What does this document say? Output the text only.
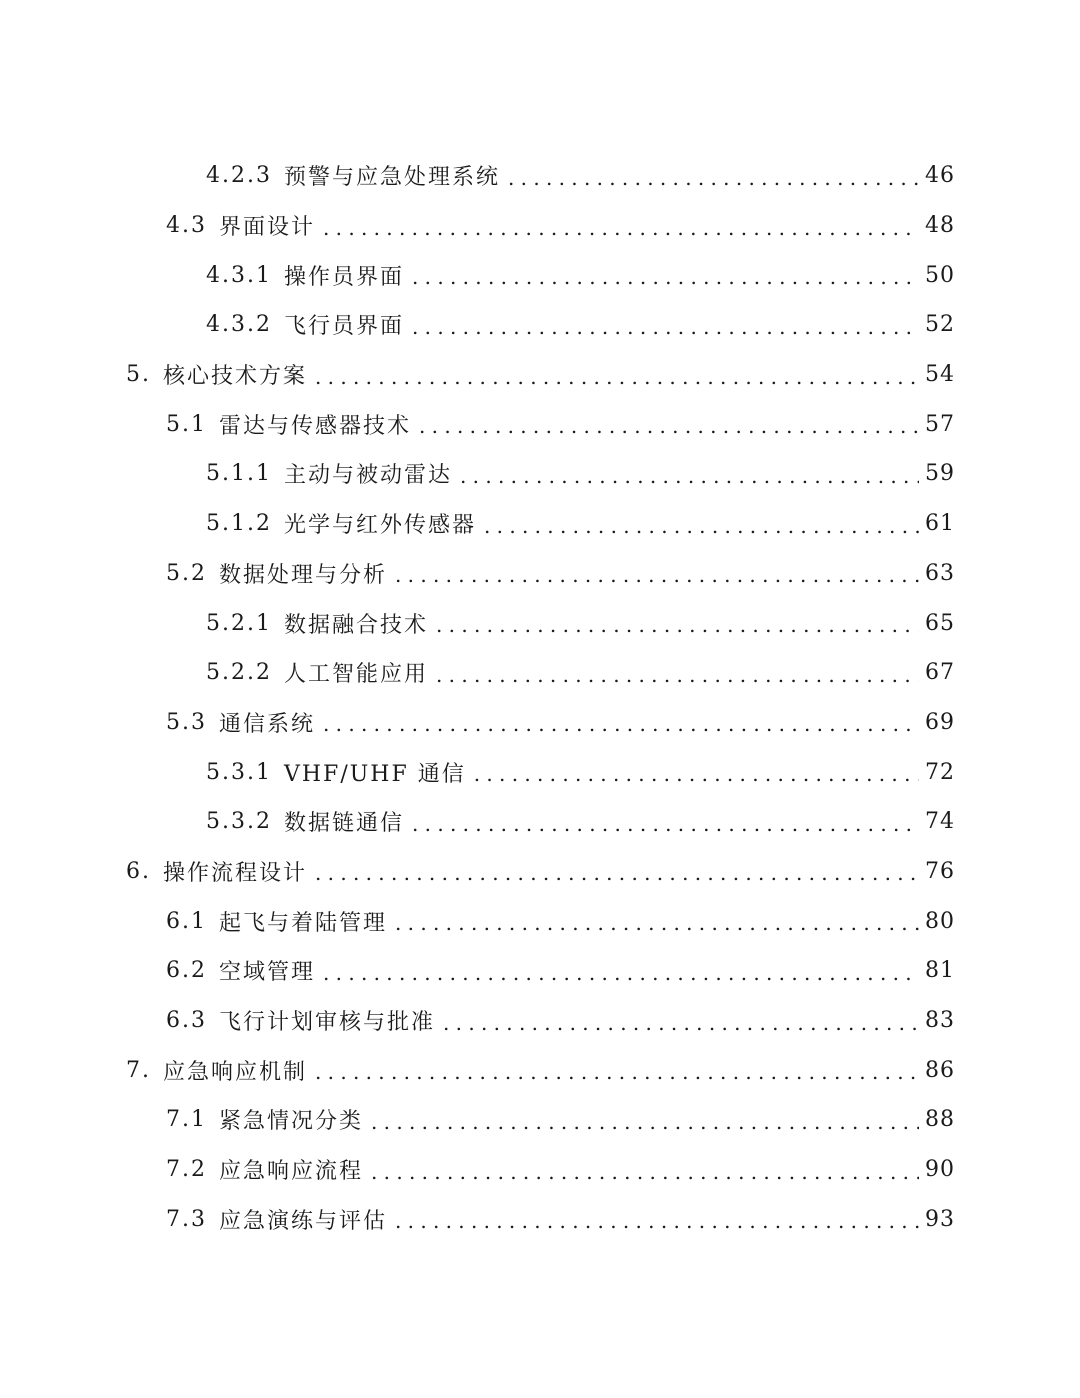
4.2.3 预警与应急处理系统 .....	46
4.3 界面设计 .....	48
4.3.1 操作员界面 .....	50
4.3.2 飞行员界面 .....	52
5. 核心技术方案 .....	54
5.1 雷达与传感器技术 .....	57
5.1.1 主动与被动雷达 .....	59
5.1.2 光学与红外传感器 .....	61
5.2 数据处理与分析 .....	63
5.2.1 数据融合技术 .....	65
5.2.2 人工智能应用 .....	67
5.3 通信系统 .....	69
5.3.1 VHF/UHF 通信 .....	72
5.3.2 数据链通信 .....	74
6. 操作流程设计 .....	76
6.1 起飞与着陆管理 .....	80
6.2 空域管理 .....	81
6.3 飞行计划审核与批准 .....	83
7. 应急响应机制 .....	86
7.1 紧急情况分类 .....	88
7.2 应急响应流程 .....	90
7.3 应急演练与评估 .....	93
